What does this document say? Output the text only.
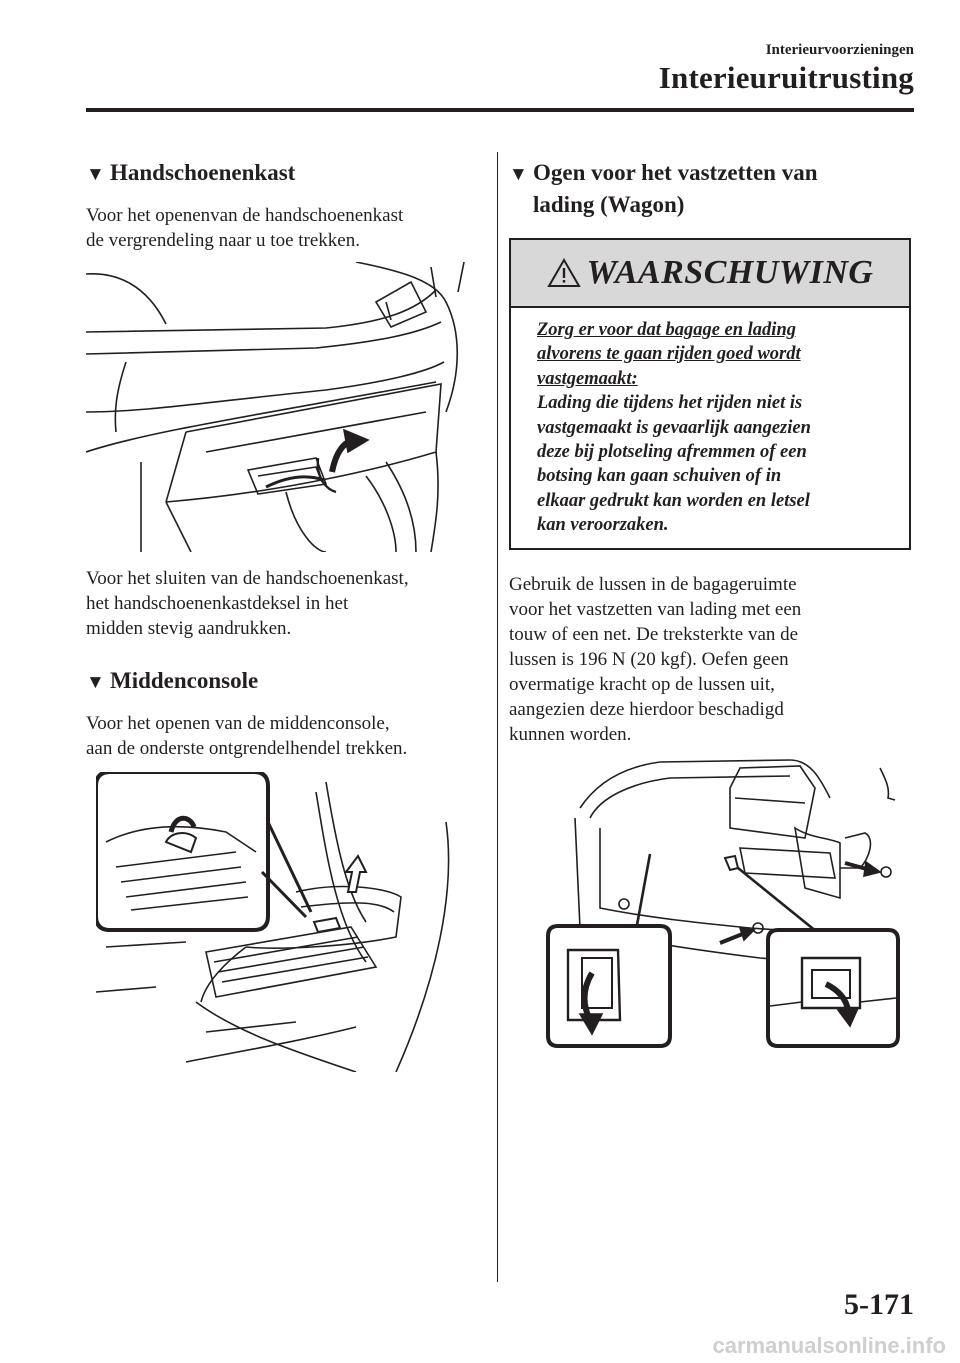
Interieurvoorzieningen
Interieuruitrusting
▼ Handschoenenkast
Voor het openenvan de handschoenenkast
de vergrendeling naar u toe trekken.
Voor het sluiten van de handschoenenkast,
het handschoenenkastdeksel in het
midden stevig aandrukken.
▼ Middenconsole
Voor het openen van de middenconsole,
aan de onderste ontgrendelhendel trekken.
▼ Ogen voor het vastzetten van
lading (Wagon)
WAARSCHUWING
Zorg er voor dat bagage en lading
alvorens te gaan rijden goed wordt
vastgemaakt:
Lading die tijdens het rijden niet is
vastgemaakt is gevaarlijk aangezien
deze bij plotseling afremmen of een
botsing kan gaan schuiven of in
elkaar gedrukt kan worden en letsel
kan veroorzaken.
Gebruik de lussen in de bagageruimte
voor het vastzetten van lading met een
touw of een net. De treksterkte van de
lussen is 196 N (20 kgf). Oefen geen
overmatige kracht op de lussen uit,
aangezien deze hierdoor beschadigd
kunnen worden.
5-171
carmanualsonline.info
